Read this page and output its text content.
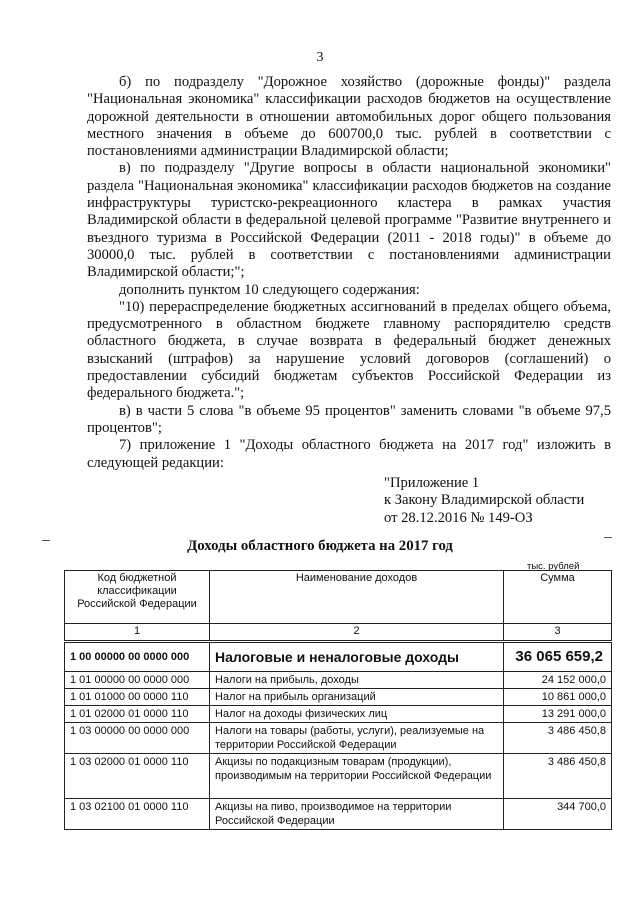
3

б) по подразделу "Дорожное хозяйство (дорожные фонды)" раздела "Национальная экономика" классификации расходов бюджетов на осуществление дорожной деятельности в отношении автомобильных дорог общего пользования местного значения в объеме до 600700,0 тыс. рублей в соответствии с постановлениями администрации Владимирской области;

в) по подразделу "Другие вопросы в области национальной экономики" раздела "Национальная экономика" классификации расходов бюджетов на создание инфраструктуры туристско-рекреационного кластера в рамках участия Владимирской области в федеральной целевой программе "Развитие внутреннего и въездного туризма в Российской Федерации (2011 - 2018 годы)" в объеме до 30000,0 тыс. рублей в соответствии с постановлениями администрации Владимирской области;";

дополнить пунктом 10 следующего содержания:

"10) перераспределение бюджетных ассигнований в пределах общего объема, предусмотренного в областном бюджете главному распорядителю средств областного бюджета, в случае возврата в федеральный бюджет денежных взысканий (штрафов) за нарушение условий договоров (соглашений) о предоставлении субсидий бюджетам субъектов Российской Федерации из федерального бюджета.";

в) в части 5 слова "в объеме 95 процентов" заменить словами "в объеме 97,5 процентов";

7) приложение 1 "Доходы областного бюджета на 2017 год" изложить в следующей редакции:

"Приложение 1
к Закону Владимирской области
от 28.12.2016 № 149-ОЗ
Доходы областного бюджета на 2017 год
тыс. рублей
Код бюджетной классификации Российской Федерации	Наименование доходов	Сумма
1	2	3
1 00 00000 00 0000 000	Налоговые и неналоговые доходы	36 065 659,2
1 01 00000 00 0000 000	Налоги на прибыль, доходы	24 152 000,0
1 01 01000 00 0000 110	Налог на прибыль организаций	10 861 000,0
1 01 02000 01 0000 110	Налог на доходы физических лиц	13 291 000,0
1 03 00000 00 0000 000	Налоги на товары (работы, услуги), реализуемые на территории Российской Федерации	3 486 450,8
1 03 02000 01 0000 110	Акцизы по подакцизным товарам (продукции), производимым на территории Российской Федерации	3 486 450,8
1 03 02100 01 0000 110	Акцизы на пиво, производимое на территории Российской Федерации	344 700,0
